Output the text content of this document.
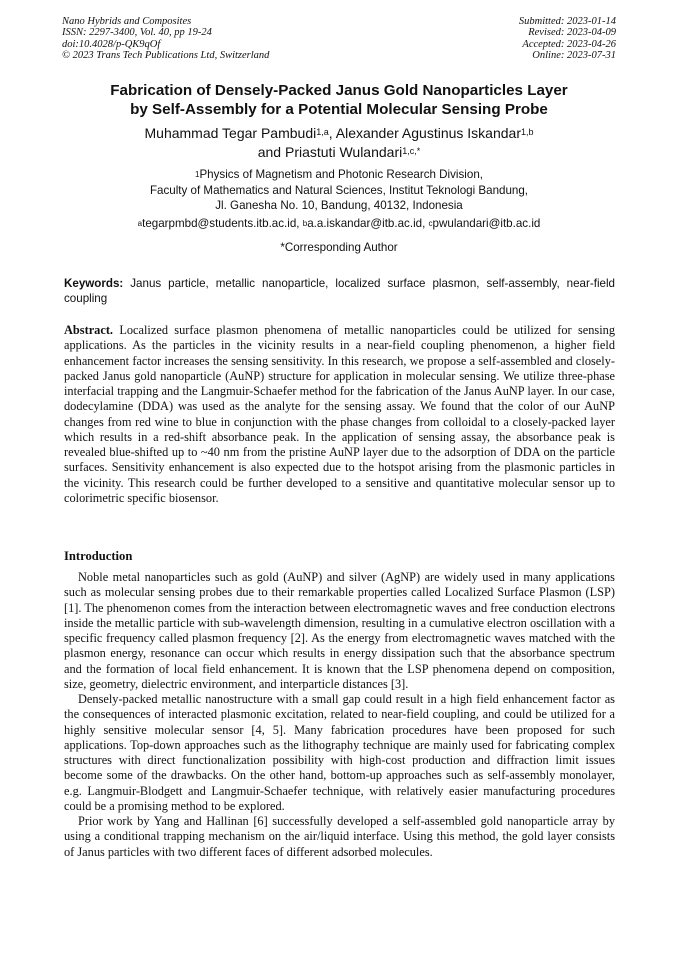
Nano Hybrids and Composites
ISSN: 2297-3400, Vol. 40, pp 19-24
doi:10.4028/p-QK9qOf
© 2023 Trans Tech Publications Ltd, Switzerland
Submitted: 2023-01-14
Revised: 2023-04-09
Accepted: 2023-04-26
Online: 2023-07-31
Fabrication of Densely-Packed Janus Gold Nanoparticles Layer
by Self-Assembly for a Potential Molecular Sensing Probe
Muhammad Tegar Pambudi$^{1,a}$, Alexander Agustinus Iskandar$^{1,b}$
and Priastuti Wulandari$^{1,c,*}$
$^1$Physics of Magnetism and Photonic Research Division,
Faculty of Mathematics and Natural Sciences, Institut Teknologi Bandung,
Jl. Ganesha No. 10, Bandung, 40132, Indonesia
$^a$tegarpmbd@students.itb.ac.id, $^b$a.a.iskandar@itb.ac.id, $^c$pwulandari@itb.ac.id
*Corresponding Author
Keywords: Janus particle, metallic nanoparticle, localized surface plasmon, self-assembly, near-field coupling
Abstract. Localized surface plasmon phenomena of metallic nanoparticles could be utilized for sensing applications. As the particles in the vicinity results in a near-field coupling phenomenon, a higher field enhancement factor increases the sensing sensitivity. In this research, we propose a self-assembled and closely-packed Janus gold nanoparticle (AuNP) structure for application in molecular sensing. We utilize three-phase interfacial trapping and the Langmuir-Schaefer method for the fabrication of the Janus AuNP layer. In our case, dodecylamine (DDA) was used as the analyte for the sensing assay. We found that the color of our AuNP changes from red wine to blue in conjunction with the phase changes from colloidal to a closely-packed layer which results in a red-shift absorbance peak. In the application of sensing assay, the absorbance peak is revealed blue-shifted up to ~40 nm from the pristine AuNP layer due to the adsorption of DDA on the particle surfaces. Sensitivity enhancement is also expected due to the hotspot arising from the plasmonic particles in the vicinity. This research could be further developed to a sensitive and quantitative molecular sensor up to colorimetric specific biosensor.
Introduction

Noble metal nanoparticles such as gold (AuNP) and silver (AgNP) are widely used in many applications such as molecular sensing probes due to their remarkable properties called Localized Surface Plasmon (LSP) [1]. The phenomenon comes from the interaction between electromagnetic waves and free conduction electrons inside the metallic particle with sub-wavelength dimension, resulting in a cumulative electron oscillation with a specific frequency called plasmon frequency [2]. As the energy from electromagnetic waves matched with the plasmon energy, resonance can occur which results in energy dissipation such that the absorbance spectrum and the formation of local field enhancement. It is known that the LSP phenomena depend on composition, size, geometry, dielectric environment, and interparticle distances [3].

Densely-packed metallic nanostructure with a small gap could result in a high field enhancement factor as the consequences of interacted plasmonic excitation, related to near-field coupling, and could be utilized for a highly sensitive molecular sensor [4, 5]. Many fabrication procedures have been proposed for such applications. Top-down approaches such as the lithography technique are mainly used for fabricating complex structures with direct functionalization possibility with high-cost production and diffraction limit issues become some of the drawbacks. On the other hand, bottom-up approaches such as self-assembly monolayer, e.g. Langmuir-Blodgett and Langmuir-Schaefer technique, with relatively easier manufacturing procedures could be a promising method to be explored.

Prior work by Yang and Hallinan [6] successfully developed a self-assembled gold nanoparticle array by using a conditional trapping mechanism on the air/liquid interface. Using this method, the gold layer consists of Janus particles with two different faces of different adsorbed molecules.
